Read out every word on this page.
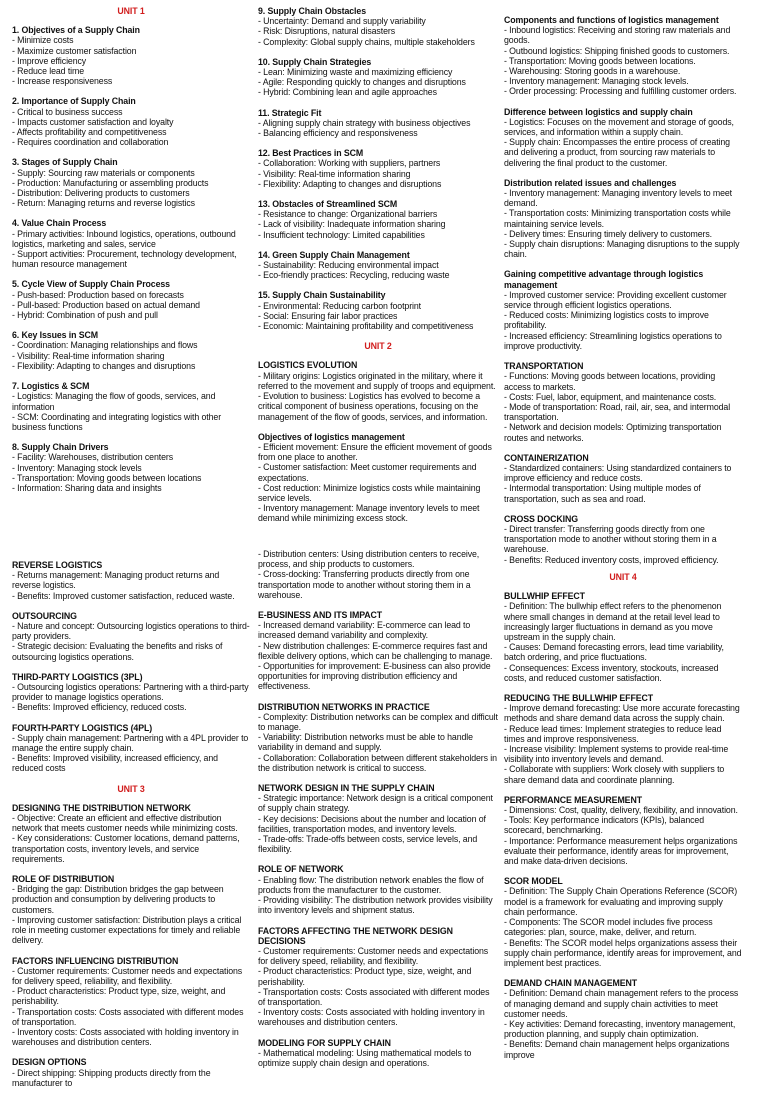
UNIT 1
1. Objectives of a Supply Chain

- Minimize costs

- Maximize customer satisfaction

- Improve efficiency

- Reduce lead time

- Increase responsiveness

2. Importance of Supply Chain

- Critical to business success

- Impacts customer satisfaction and loyalty

- Affects profitability and competitiveness

- Requires coordination and collaboration

3. Stages of Supply Chain

- Supply: Sourcing raw materials or components

- Production: Manufacturing or assembling products

- Distribution: Delivering products to customers

- Return: Managing returns and reverse logistics

4. Value Chain Process

- Primary activities: Inbound logistics, operations, outbound logistics, marketing and sales, service

- Support activities: Procurement, technology development, human resource management

5. Cycle View of Supply Chain Process

- Push-based: Production based on forecasts

- Pull-based: Production based on actual demand

- Hybrid: Combination of push and pull

6. Key Issues in SCM

- Coordination: Managing relationships and flows

- Visibility: Real-time information sharing

- Flexibility: Adapting to changes and disruptions

7. Logistics & SCM

- Logistics: Managing the flow of goods, services, and information

- SCM: Coordinating and integrating logistics with other business functions

8. Supply Chain Drivers

- Facility: Warehouses, distribution centers

- Inventory: Managing stock levels

- Transportation: Moving goods between locations

- Information: Sharing data and insights

9. Supply Chain Obstacles

- Uncertainty: Demand and supply variability

- Risk: Disruptions, natural disasters

- Complexity: Global supply chains, multiple stakeholders

10. Supply Chain Strategies

- Lean: Minimizing waste and maximizing efficiency

- Agile: Responding quickly to changes and disruptions

- Hybrid: Combining lean and agile approaches

11. Strategic Fit

- Aligning supply chain strategy with business objectives

- Balancing efficiency and responsiveness

12. Best Practices in SCM

- Collaboration: Working with suppliers, partners

- Visibility: Real-time information sharing

- Flexibility: Adapting to changes and disruptions

13. Obstacles of Streamlined SCM

- Resistance to change: Organizational barriers

- Lack of visibility: Inadequate information sharing

- Insufficient technology: Limited capabilities

14. Green Supply Chain Management

- Sustainability: Reducing environmental impact

- Eco-friendly practices: Recycling, reducing waste

15. Supply Chain Sustainability

- Environmental: Reducing carbon footprint

- Social: Ensuring fair labor practices

- Economic: Maintaining profitability and competitiveness

UNIT 2
LOGISTICS EVOLUTION

- Military origins: Logistics originated in the military, where it referred to the movement and supply of troops and equipment.

- Evolution to business: Logistics has evolved to become a critical component of business operations, focusing on the management of the flow of goods, services, and information.

Objectives of logistics management

- Efficient movement: Ensure the efficient movement of goods from one place to another.

- Customer satisfaction: Meet customer requirements and expectations.

- Cost reduction: Minimize logistics costs while maintaining service levels.

- Inventory management: Manage inventory levels to meet demand while minimizing excess stock.

Components and functions of logistics management

- Inbound logistics: Receiving and storing raw materials and goods.

- Outbound logistics: Shipping finished goods to customers.

- Transportation: Moving goods between locations.

- Warehousing: Storing goods in a warehouse.

- Inventory management: Managing stock levels.

- Order processing: Processing and fulfilling customer orders.

Difference between logistics and supply chain

- Logistics: Focuses on the movement and storage of goods, services, and information within a supply chain.

- Supply chain: Encompasses the entire process of creating and delivering a product, from sourcing raw materials to delivering the final product to the customer.

Distribution related issues and challenges

- Inventory management: Managing inventory levels to meet demand.

- Transportation costs: Minimizing transportation costs while maintaining service levels.

- Delivery times: Ensuring timely delivery to customers.

- Supply chain disruptions: Managing disruptions to the supply chain.

Gaining competitive advantage through logistics management

- Improved customer service: Providing excellent customer service through efficient logistics operations.

- Reduced costs: Minimizing logistics costs to improve profitability.

- Increased efficiency: Streamlining logistics operations to improve productivity.

TRANSPORTATION

- Functions: Moving goods between locations, providing access to markets.

- Costs: Fuel, labor, equipment, and maintenance costs.

- Mode of transportation: Road, rail, air, sea, and intermodal transportation.

- Network and decision models: Optimizing transportation routes and networks.

CONTAINERIZATION

- Standardized containers: Using standardized containers to improve efficiency and reduce costs.

- Intermodal transportation: Using multiple modes of transportation, such as sea and road.

CROSS DOCKING

- Direct transfer: Transferring goods directly from one transportation mode to another without storing them in a warehouse.

- Benefits: Reduced inventory costs, improved efficiency.

REVERSE LOGISTICS

- Returns management: Managing product returns and reverse logistics.

- Benefits: Improved customer satisfaction, reduced waste.

OUTSOURCING

- Nature and concept: Outsourcing logistics operations to third-party providers.

- Strategic decision: Evaluating the benefits and risks of outsourcing logistics operations.

THIRD-PARTY LOGISTICS (3PL)

- Outsourcing logistics operations: Partnering with a third-party provider to manage logistics operations.

- Benefits: Improved efficiency, reduced costs.

FOURTH-PARTY LOGISTICS (4PL)

- Supply chain management: Partnering with a 4PL provider to manage the entire supply chain.

- Benefits: Improved visibility, increased efficiency, and reduced costs

UNIT 3
DESIGNING THE DISTRIBUTION NETWORK

- Objective: Create an efficient and effective distribution network that meets customer needs while minimizing costs.

- Key considerations: Customer locations, demand patterns, transportation costs, inventory levels, and service requirements.

ROLE OF DISTRIBUTION

- Bridging the gap: Distribution bridges the gap between production and consumption by delivering products to customers.

- Improving customer satisfaction: Distribution plays a critical role in meeting customer expectations for timely and reliable delivery.

FACTORS INFLUENCING DISTRIBUTION

- Customer requirements: Customer needs and expectations for delivery speed, reliability, and flexibility.

- Product characteristics: Product type, size, weight, and perishability.

- Transportation costs: Costs associated with different modes of transportation.

- Inventory costs: Costs associated with holding inventory in warehouses and distribution centers.

DESIGN OPTIONS

- Direct shipping: Shipping products directly from the manufacturer to

- Distribution centers: Using distribution centers to receive, process, and ship products to customers.

- Cross-docking: Transferring products directly from one transportation mode to another without storing them in a warehouse.

E-BUSINESS AND ITS IMPACT

- Increased demand variability: E-commerce can lead to increased demand variability and complexity.

- New distribution challenges: E-commerce requires fast and flexible delivery options, which can be challenging to manage.

- Opportunities for improvement: E-business can also provide opportunities for improving distribution efficiency and effectiveness.

DISTRIBUTION NETWORKS IN PRACTICE

- Complexity: Distribution networks can be complex and difficult to manage.

- Variability: Distribution networks must be able to handle variability in demand and supply.

- Collaboration: Collaboration between different stakeholders in the distribution network is critical to success.

NETWORK DESIGN IN THE SUPPLY CHAIN

- Strategic importance: Network design is a critical component of supply chain strategy.

- Key decisions: Decisions about the number and location of facilities, transportation modes, and inventory levels.

- Trade-offs: Trade-offs between costs, service levels, and flexibility.

ROLE OF NETWORK

- Enabling flow: The distribution network enables the flow of products from the manufacturer to the customer.

- Providing visibility: The distribution network provides visibility into inventory levels and shipment status.

FACTORS AFFECTING THE NETWORK DESIGN DECISIONS

- Customer requirements: Customer needs and expectations for delivery speed, reliability, and flexibility.

- Product characteristics: Product type, size, weight, and perishability.

- Transportation costs: Costs associated with different modes of transportation.

- Inventory costs: Costs associated with holding inventory in warehouses and distribution centers.

MODELING FOR SUPPLY CHAIN

- Mathematical modeling: Using mathematical models to optimize supply chain design and operations.

UNIT 4
BULLWHIP EFFECT

- Definition: The bullwhip effect refers to the phenomenon where small changes in demand at the retail level lead to increasingly larger fluctuations in demand as you move upstream in the supply chain.

- Causes: Demand forecasting errors, lead time variability, batch ordering, and price fluctuations.

- Consequences: Excess inventory, stockouts, increased costs, and reduced customer satisfaction.

REDUCING THE BULLWHIP EFFECT

- Improve demand forecasting: Use more accurate forecasting methods and share demand data across the supply chain.

- Reduce lead times: Implement strategies to reduce lead times and improve responsiveness.

- Increase visibility: Implement systems to provide real-time visibility into inventory levels and demand.

- Collaborate with suppliers: Work closely with suppliers to share demand data and coordinate planning.

PERFORMANCE MEASUREMENT

- Dimensions: Cost, quality, delivery, flexibility, and innovation.

- Tools: Key performance indicators (KPIs), balanced scorecard, benchmarking.

- Importance: Performance measurement helps organizations evaluate their performance, identify areas for improvement, and make data-driven decisions.

SCOR MODEL

- Definition: The Supply Chain Operations Reference (SCOR) model is a framework for evaluating and improving supply chain performance.

- Components: The SCOR model includes five process categories: plan, source, make, deliver, and return.

- Benefits: The SCOR model helps organizations assess their supply chain performance, identify areas for improvement, and implement best practices.

DEMAND CHAIN MANAGEMENT

- Definition: Demand chain management refers to the process of managing demand and supply chain activities to meet customer needs.

- Key activities: Demand forecasting, inventory management, production planning, and supply chain optimization.

- Benefits: Demand chain management helps organizations improve
